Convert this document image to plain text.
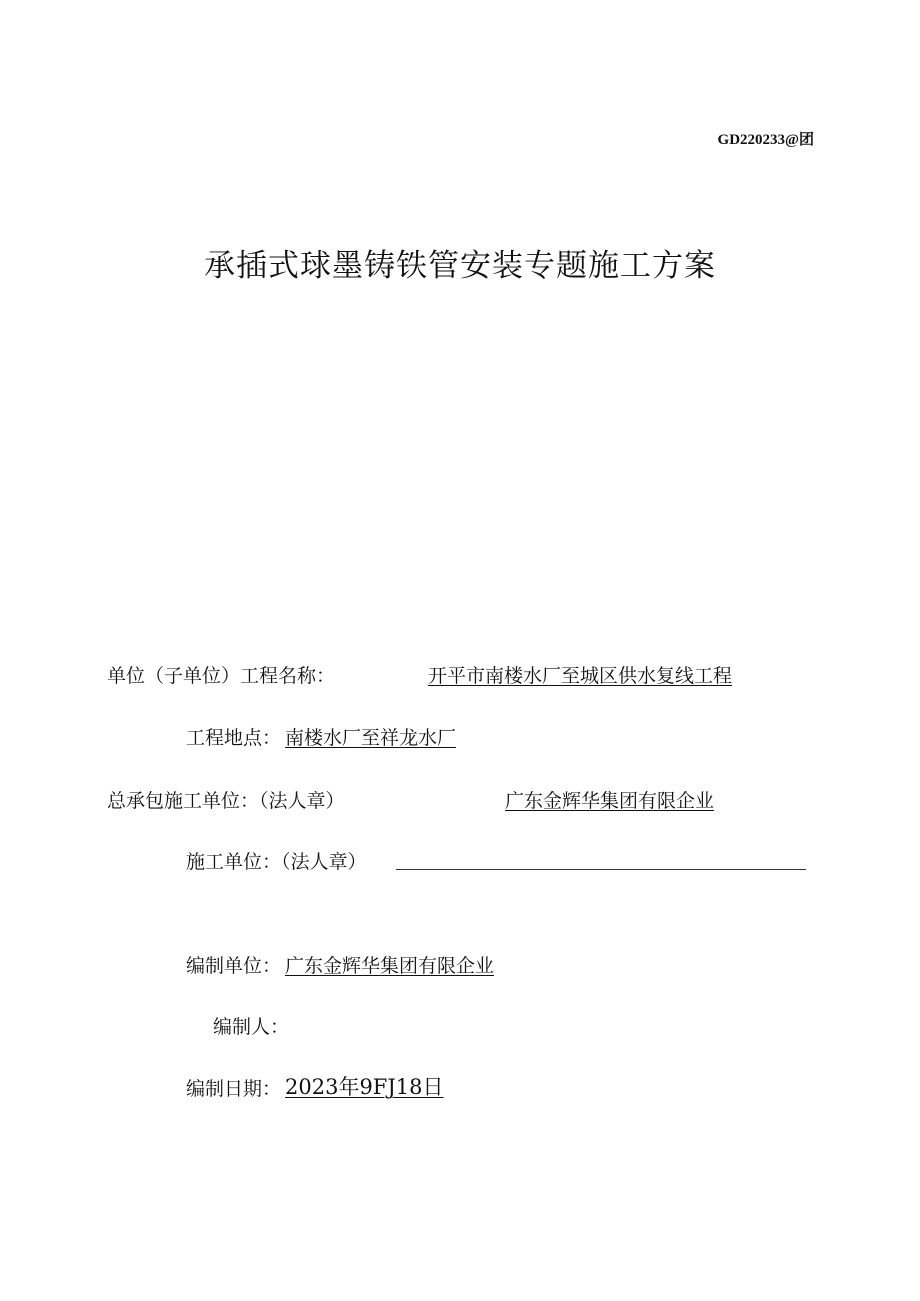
GD220233@团
承插式球墨铸铁管安装专题施工方案
单位（子单位）工程名称：	开平市南楼水厂至城区供水复线工程
工程地点： 南楼水厂至祥龙水厂
总承包施工单位：（法人章）	广东金辉华集团有限企业
施工单位：（法人章）
编制单位： 广东金辉华集团有限企业
编制人：
编制日期： 2023年9FJ18日
